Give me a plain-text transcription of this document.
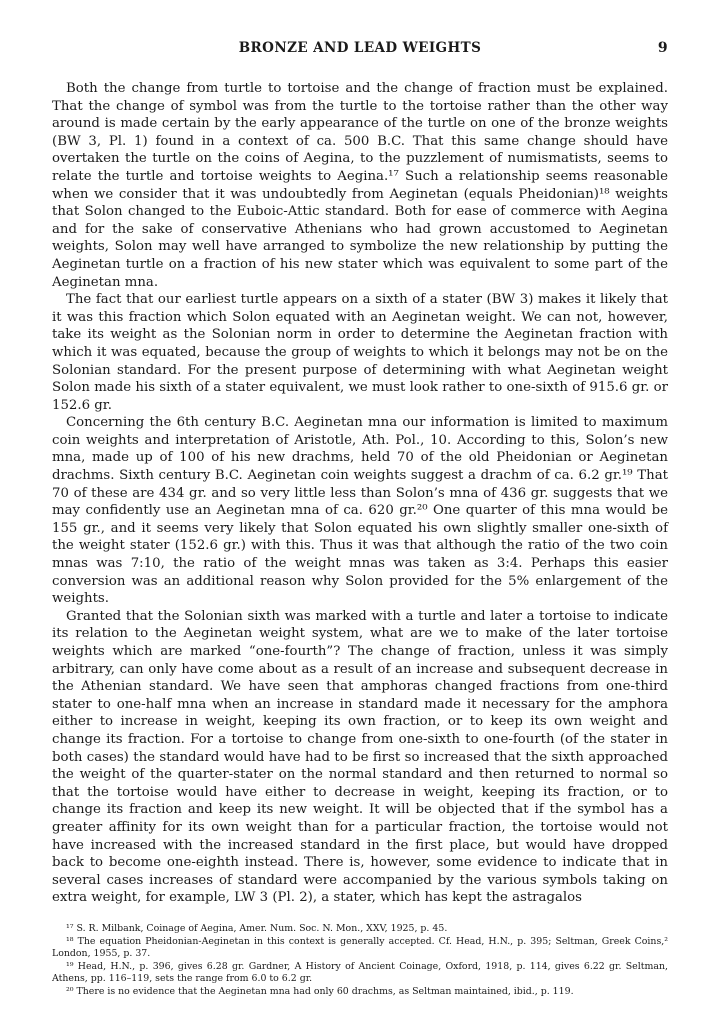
BRONZE AND LEAD WEIGHTS	9

Both the change from turtle to tortoise and the change of fraction must be explained. That the change of symbol was from the turtle to the tortoise rather than the other way around is made certain by the early appearance of the turtle on one of the bronze weights (BW 3, Pl. 1) found in a context of ca. 500 B.C. That this same change should have overtaken the turtle on the coins of Aegina, to the puzzlement of numismatists, seems to relate the turtle and tortoise weights to Aegina.¹⁷ Such a relationship seems reasonable when we consider that it was undoubtedly from Aeginetan (equals Pheidonian)¹⁸ weights that Solon changed to the Euboic-Attic standard. Both for ease of commerce with Aegina and for the sake of conservative Athenians who had grown accustomed to Aeginetan weights, Solon may well have arranged to symbolize the new relationship by putting the Aeginetan turtle on a fraction of his new stater which was equivalent to some part of the Aeginetan mna.

The fact that our earliest turtle appears on a sixth of a stater (BW 3) makes it likely that it was this fraction which Solon equated with an Aeginetan weight. We can not, however, take its weight as the Solonian norm in order to determine the Aeginetan fraction with which it was equated, because the group of weights to which it belongs may not be on the Solonian standard. For the present purpose of determining with what Aeginetan weight Solon made his sixth of a stater equivalent, we must look rather to one-sixth of 915.6 gr. or 152.6 gr.

Concerning the 6th century B.C. Aeginetan mna our information is limited to maximum coin weights and interpretation of Aristotle, Ath. Pol., 10. According to this, Solon’s new mna, made up of 100 of his new drachms, held 70 of the old Pheidonian or Aeginetan drachms. Sixth century B.C. Aeginetan coin weights suggest a drachm of ca. 6.2 gr.¹⁹ That 70 of these are 434 gr. and so very little less than Solon’s mna of 436 gr. suggests that we may confidently use an Aeginetan mna of ca. 620 gr.²⁰ One quarter of this mna would be 155 gr., and it seems very likely that Solon equated his own slightly smaller one-sixth of the weight stater (152.6 gr.) with this. Thus it was that although the ratio of the two coin mnas was 7:10, the ratio of the weight mnas was taken as 3:4. Perhaps this easier conversion was an additional reason why Solon provided for the 5% enlargement of the weights.

Granted that the Solonian sixth was marked with a turtle and later a tortoise to indicate its relation to the Aeginetan weight system, what are we to make of the later tortoise weights which are marked “one-fourth”? The change of fraction, unless it was simply arbitrary, can only have come about as a result of an increase and subsequent decrease in the Athenian standard. We have seen that amphoras changed fractions from one-third stater to one-half mna when an increase in standard made it necessary for the amphora either to increase in weight, keeping its own fraction, or to keep its own weight and change its fraction. For a tortoise to change from one-sixth to one-fourth (of the stater in both cases) the standard would have had to be first so increased that the sixth approached the weight of the quarter-stater on the normal standard and then returned to normal so that the tortoise would have either to decrease in weight, keeping its fraction, or to change its fraction and keep its new weight. It will be objected that if the symbol has a greater affinity for its own weight than for a particular fraction, the tortoise would not have increased with the increased standard in the first place, but would have dropped back to become one-eighth instead. There is, however, some evidence to indicate that in several cases increases of standard were accompanied by the various symbols taking on extra weight, for example, LW 3 (Pl. 2), a stater, which has kept the astragalos

¹⁷ S. R. Milbank, Coinage of Aegina, Amer. Num. Soc. N. Mon., XXV, 1925, p. 45.

¹⁸ The equation Pheidonian-Aeginetan in this context is generally accepted. Cf. Head, H.N., p. 395; Seltman, Greek Coins,² London, 1955, p. 37.

¹⁹ Head, H.N., p. 396, gives 6.28 gr. Gardner, A History of Ancient Coinage, Oxford, 1918, p. 114, gives 6.22 gr. Seltman, Athens, pp. 116–119, sets the range from 6.0 to 6.2 gr.

²⁰ There is no evidence that the Aeginetan mna had only 60 drachms, as Seltman maintained, ibid., p. 119.
